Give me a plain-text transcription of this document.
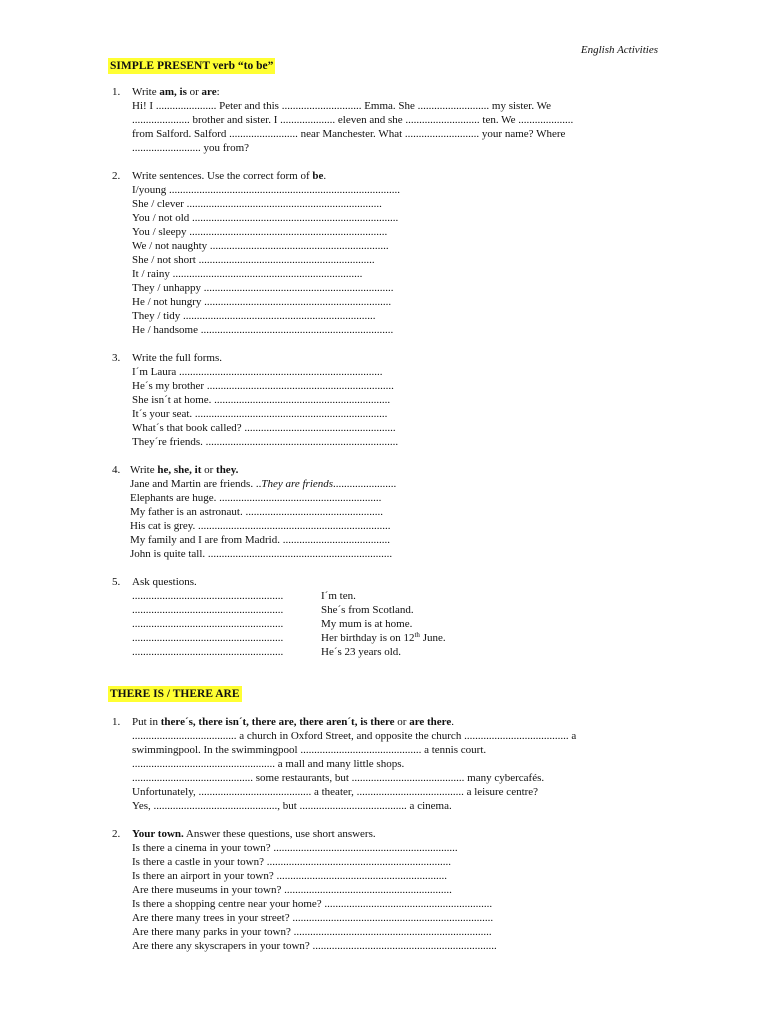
English Activities
SIMPLE PRESENT verb “to be”
1. Write am, is or are:
Hi! I ...................... Peter and this ............................. Emma. She .......................... my sister. We
..................... brother and sister. I .................... eleven and she ........................... ten. We ....................
from Salford. Salford ......................... near Manchester. What ........................... your name? Where
......................... you from?
2. Write sentences. Use the correct form of be.
I/young ....................................................................................
She / clever .......................................................................
You / not old ...........................................................................
You / sleepy ........................................................................
We / not naughty .................................................................
She / not short ................................................................
It / rainy .....................................................................
They / unhappy .....................................................................
He / not hungry ....................................................................
They / tidy ......................................................................
He / handsome ......................................................................
3. Write the full forms.
I´m Laura ..........................................................................
He´s my brother ....................................................................
She isn´t at home. ................................................................
It´s your seat. ......................................................................
What´s that book called? .......................................................
They´re friends. ......................................................................
4. Write he, she, it or they.
Jane and Martin are friends. ..They are friends.......................
Elephants are huge. ...........................................................
My father is an astronaut. ..................................................
His cat is grey. ......................................................................
My family and I are from Madrid. .......................................
John is quite tall. ...................................................................
5. Ask questions.
.......................................................	I´m ten.
.......................................................	She´s from Scotland.
.......................................................	My mum is at home.
.......................................................	Her birthday is on 12th June.
.......................................................	He´s 23 years old.
THERE IS / THERE ARE
1. Put in there´s, there isn´t, there are, there aren´t, is there or are there.
...................................... a church in Oxford Street, and opposite the church ...................................... a
swimmingpool. In the swimmingpool ............................................ a tennis court.
.................................................... a mall and many little shops.
............................................ some restaurants, but ......................................... many cybercafés.
Unfortunately, ......................................... a theater, ....................................... a leisure centre?
Yes, ............................................., but ....................................... a cinema.
2. Your town. Answer these questions, use short answers.
Is there a cinema in your town? ...................................................................
Is there a castle in your town? ...................................................................
Is there an airport in your town? ..............................................................
Are there museums in your town? .............................................................
Is there a shopping centre near your home? .............................................................
Are there many trees in your street? .........................................................................
Are there many parks in your town? ........................................................................
Are there any skyscrapers in your town? ...................................................................
